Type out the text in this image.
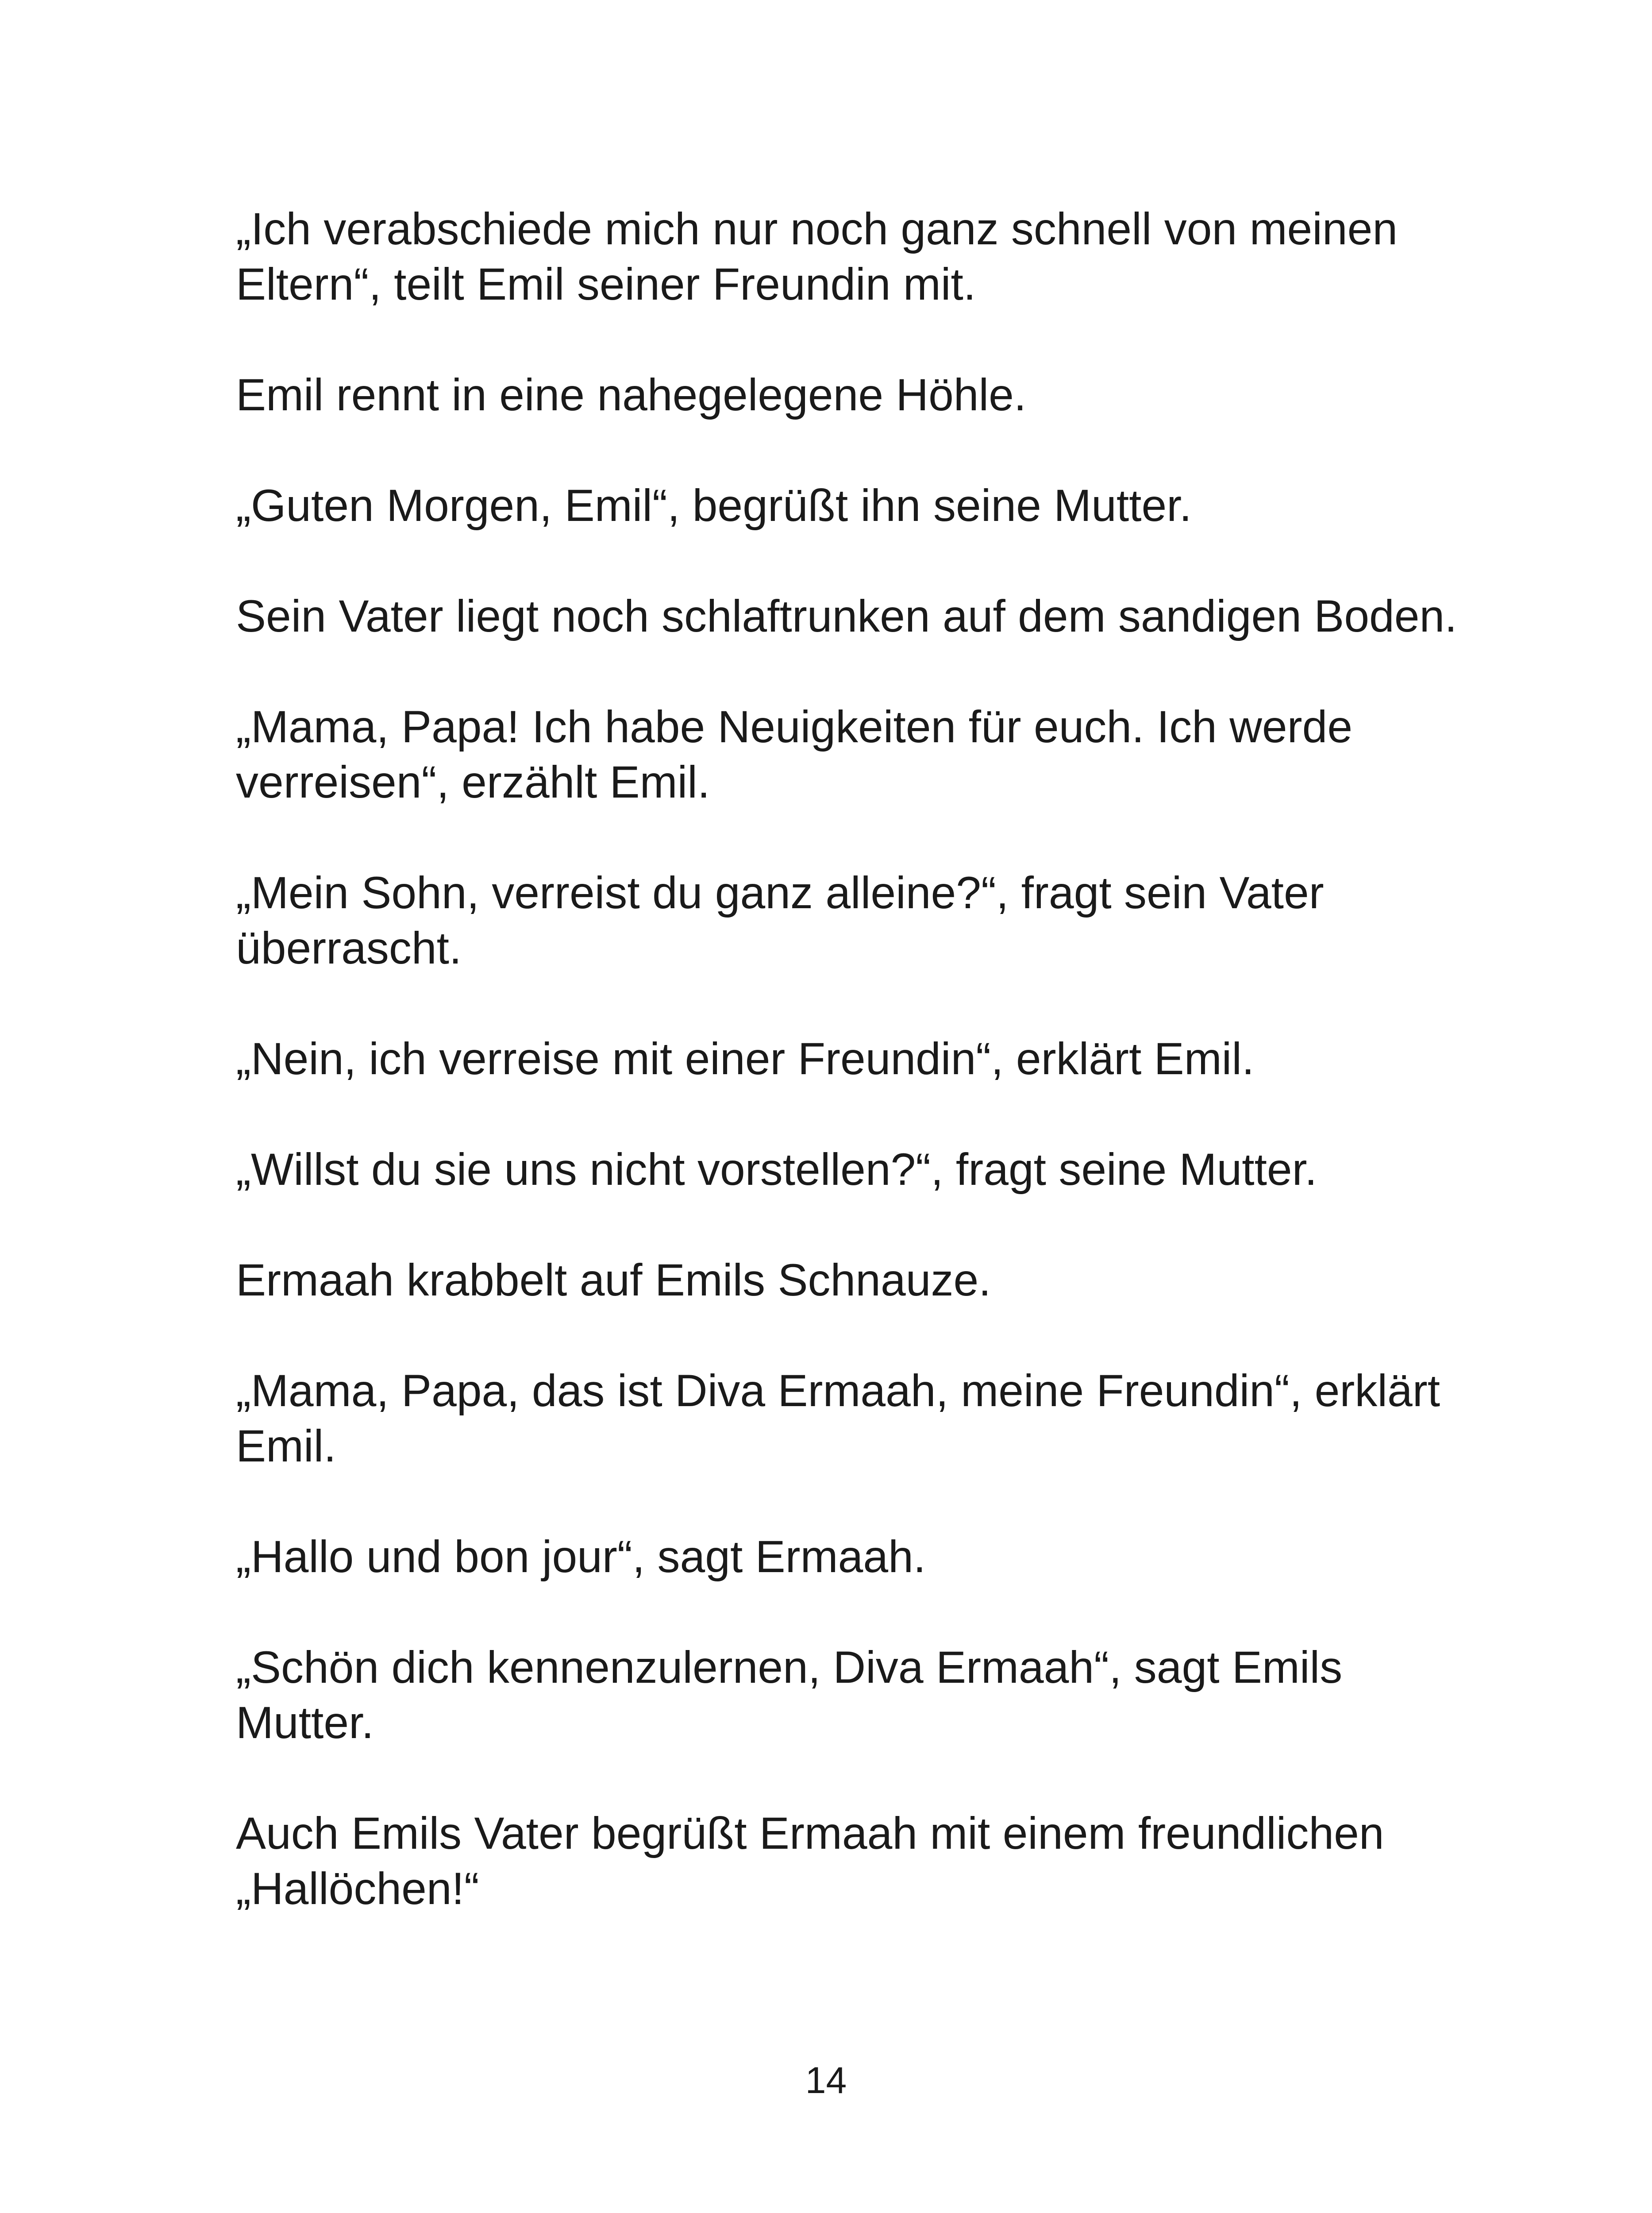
„Ich verabschiede mich nur noch ganz schnell von meinen Eltern“, teilt Emil seiner Freundin mit.

Emil rennt in eine nahegelegene Höhle.

„Guten Morgen, Emil“, begrüßt ihn seine Mutter.

Sein Vater liegt noch schlaftrunken auf dem sandigen Boden.

„Mama, Papa! Ich habe Neuigkeiten für euch. Ich werde verreisen“, erzählt Emil.

„Mein Sohn, verreist du ganz alleine?“, fragt sein Vater überrascht.

„Nein, ich verreise mit einer Freundin“, erklärt Emil.

„Willst du sie uns nicht vorstellen?“, fragt seine Mutter.

Ermaah krabbelt auf Emils Schnauze.

„Mama, Papa, das ist Diva Ermaah, meine Freundin“, erklärt Emil.

„Hallo und bon jour“, sagt Ermaah.

„Schön dich kennenzulernen, Diva Ermaah“, sagt Emils Mutter.

Auch Emils Vater begrüßt Ermaah mit einem freundlichen „Hallöchen!“

14
